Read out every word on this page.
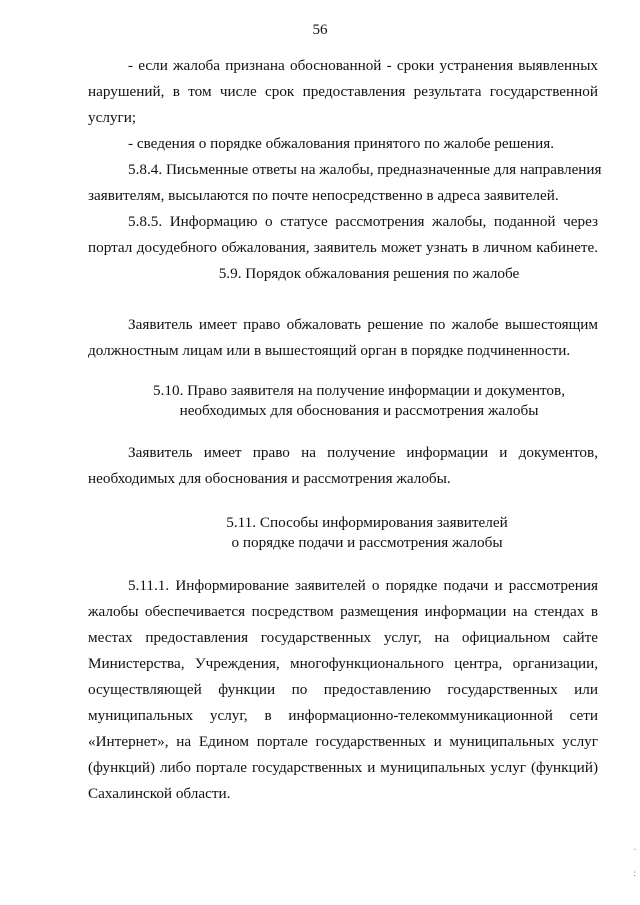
56
- если жалоба признана обоснованной - сроки устранения выявленных
нарушений, в том числе срок предоставления результата государственной
услуги;
- сведения о порядке обжалования принятого по жалобе решения.
5.8.4. Письменные ответы на жалобы, предназначенные для направления
заявителям, высылаются по почте непосредственно в адреса заявителей.
5.8.5. Информацию о статусе рассмотрения жалобы, поданной через
портал досудебного обжалования, заявитель может узнать в личном кабинете.
5.9. Порядок обжалования решения по жалобе
Заявитель имеет право обжаловать решение по жалобе вышестоящим
должностным лицам или в вышестоящий орган в порядке подчиненности.
5.10. Право заявителя на получение информации и документов,
необходимых для обоснования и рассмотрения жалобы
Заявитель имеет право на получение информации и документов,
необходимых для обоснования и рассмотрения жалобы.
5.11. Способы информирования заявителей
о порядке подачи и рассмотрения жалобы
5.11.1. Информирование заявителей о порядке подачи и рассмотрения
жалобы обеспечивается посредством размещения информации на стендах в
местах предоставления государственных услуг, на официальном сайте
Министерства, Учреждения, многофункционального центра, организации,
осуществляющей функции по предоставлению государственных или
муниципальных услуг, в информационно-телекоммуникационной сети
«Интернет», на Едином портале государственных и муниципальных услуг
(функций) либо портале государственных и муниципальных услуг (функций)
Сахалинской области.
.
:
